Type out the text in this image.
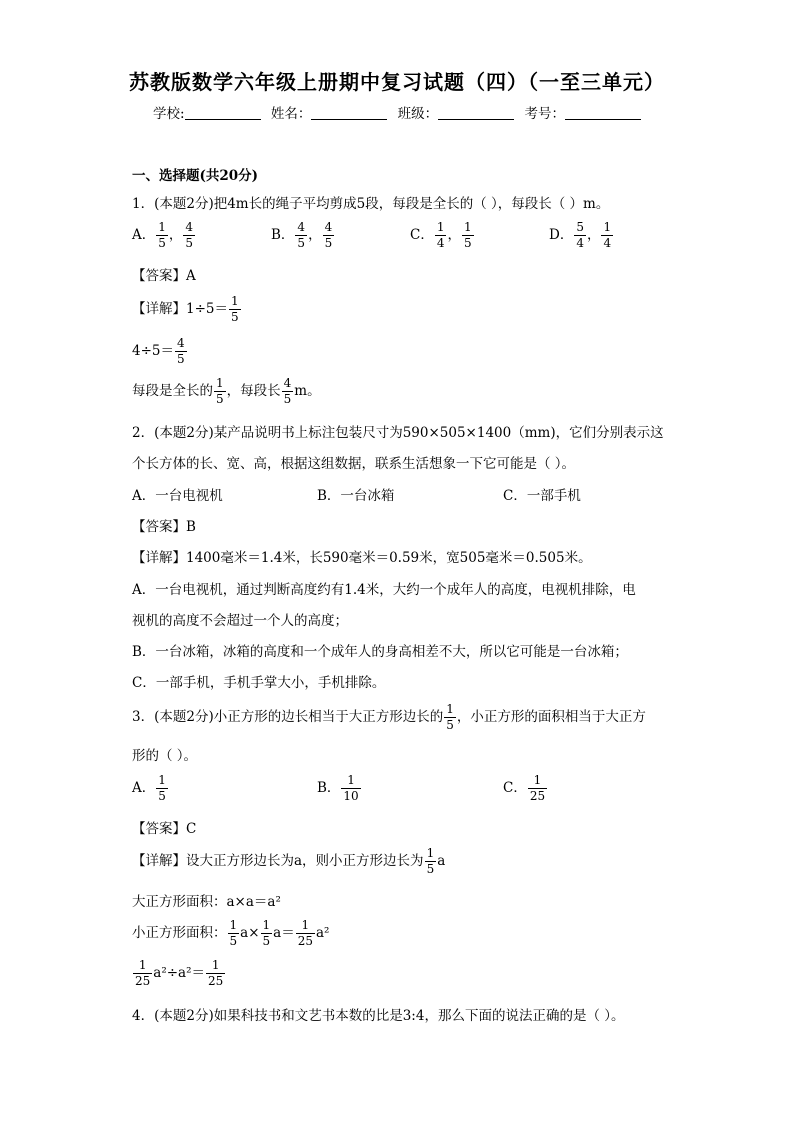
苏教版数学六年级上册期中复习试题（四）（一至三单元）
学校:	姓名：	班级：	考号：
一、选择题(共20分)
1．(本题2分)把4m长的绳子平均剪成5段，每段是全长的（ ），每段长（ ）m。
A． $\frac{1}{5}$ ， $\frac{4}{5}$	B． $\frac{4}{5}$ ， $\frac{4}{5}$	C． $\frac{1}{4}$ ， $\frac{1}{5}$	D． $\frac{5}{4}$ ， $\frac{1}{4}$
【答案】A
【详解】$1\div 5= \frac{1}{5}$
$4\div 5= \frac{4}{5}$
每段是全长的 $\frac{1}{5}$ ，每段长 $\frac{4}{5}$ m。
2．(本题2分)某产品说明书上标注包装尺寸为590×505×1400（mm)，它们分别表示这
个长方体的长、宽、高，根据这组数据，联系生活想象一下它可能是（ ）。
A．一台电视机	B．一台冰箱	C．一部手机
【答案】B
【详解】1400毫米＝1.4米，长590毫米＝0.59米，宽505毫米＝0.505米。
A．一台电视机，通过判断高度约有1.4米，大约一个成年人的高度，电视机排除，电
视机的高度不会超过一个人的高度；
B．一台冰箱，冰箱的高度和一个成年人的身高相差不大，所以它可能是一台冰箱；
C．一部手机，手机手掌大小，手机排除。
3．(本题2分)小正方形的边长相当于大正方形边长的 $\frac{1}{5}$ ，小正方形的面积相当于大正方
形的（ ）。
A． $\frac{1}{5}$	B． $\frac{1}{10}$	C． $\frac{1}{25}$
【答案】C
【详解】设大正方形边长为a，则小正方形边长为 $\frac{1}{5}$ a
大正方形面积：a×a＝a²
小正方形面积： $\frac{1}{5} a\times \frac{1}{5} a= \frac{1}{25} a^2$
$\frac{1}{25} a^2\div a^2= \frac{1}{25}$
4．(本题2分)如果科技书和文艺书本数的比是3:4，那么下面的说法正确的是（ ）。
